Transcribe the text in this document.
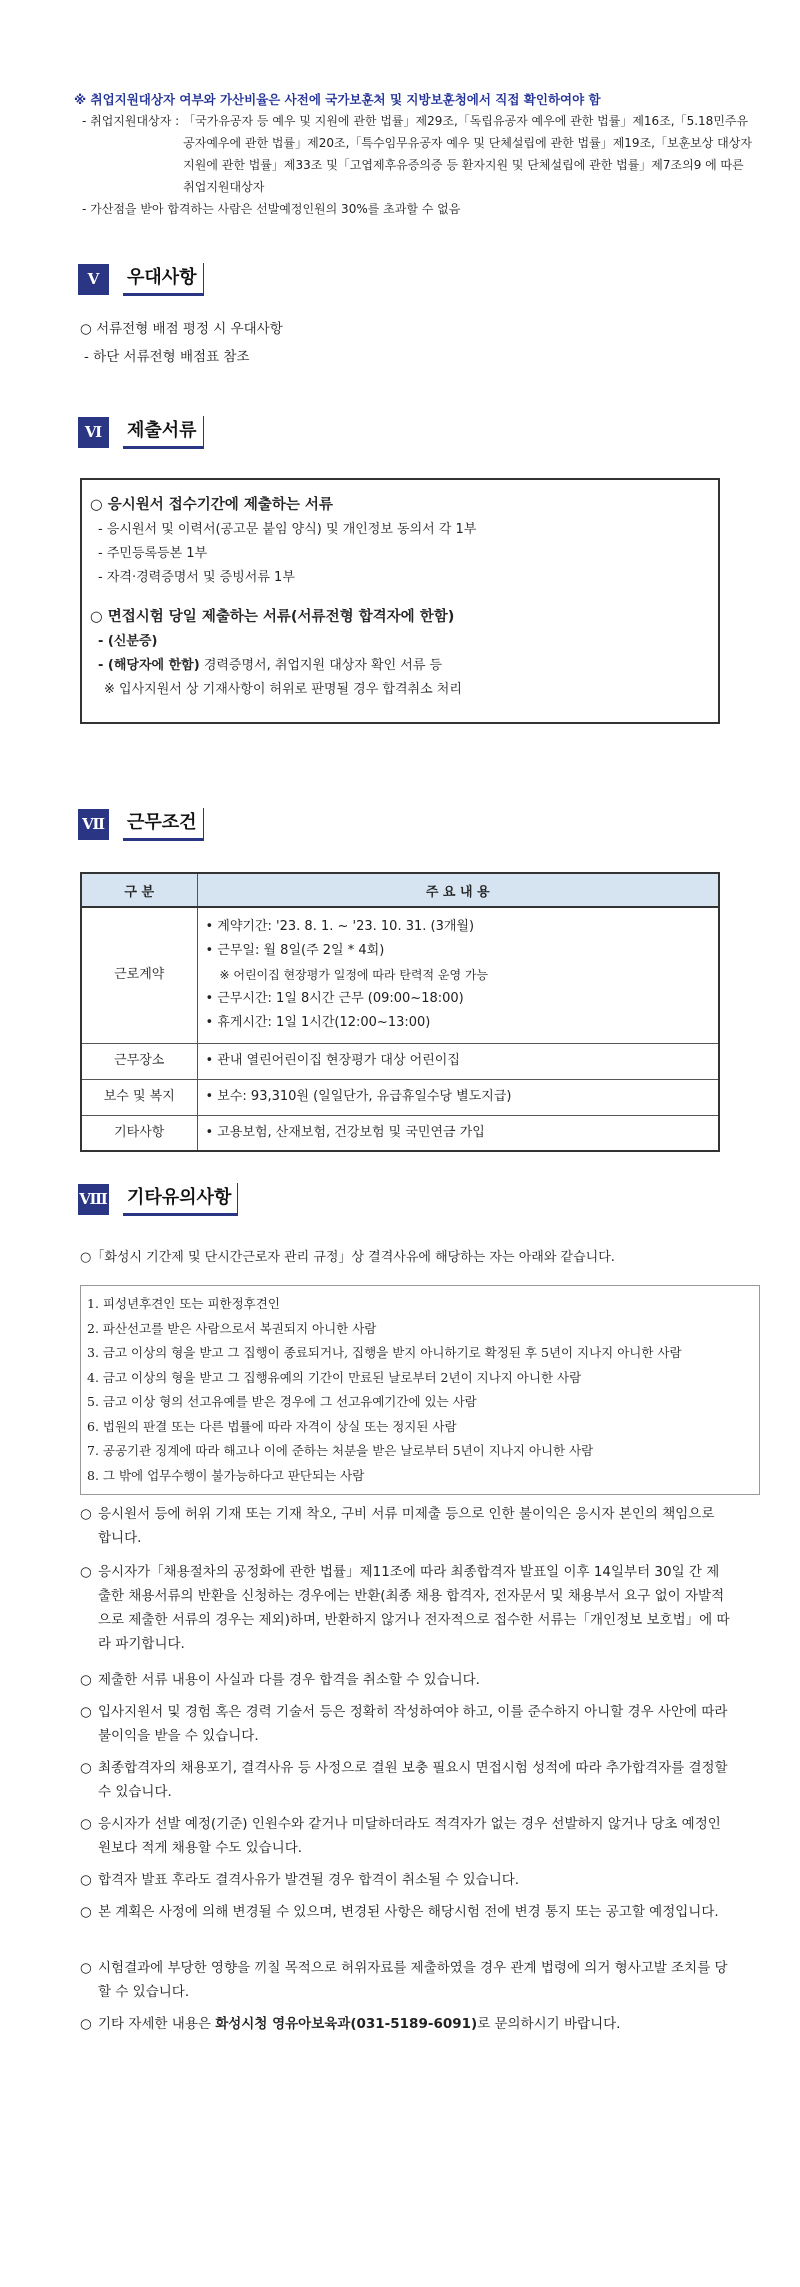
※ 취업지원대상자 여부와 가산비율은 사전에 국가보훈처 및 지방보훈청에서 직접 확인하여야 함
- 취업지원대상자 : 「국가유공자 등 예우 및 지원에 관한 법률」제29조,「독립유공자 예우에 관한 법률」제16조,「5.18민주유공자예우에 관한 법률」제20조,「특수임무유공자 예우 및 단체설립에 관한 법률」제19조,「보훈보상 대상자 지원에 관한 법률」제33조 및「고엽제후유증의증 등 환자지원 및 단체설립에 관한 법률」제7조의9 에 따른 취업지원대상자
- 가산점을 받아 합격하는 사람은 선발예정인원의 30%를 초과할 수 없음
Ⅴ	우대사항
○ 서류전형 배점 평정 시 우대사항
- 하단 서류전형 배점표 참조
Ⅵ	제출서류
○ 응시원서 접수기간에 제출하는 서류
- 응시원서 및 이력서(공고문 붙임 양식) 및 개인정보 동의서 각 1부
- 주민등록등본 1부
- 자격·경력증명서 및 증빙서류 1부
○ 면접시험 당일 제출하는 서류(서류전형 합격자에 한함)
- (신분증)
- (해당자에 한함) 경력증명서, 취업지원 대상자 확인 서류 등
※ 입사지원서 상 기재사항이 허위로 판명될 경우 합격취소 처리
Ⅶ 근무조건
구 분	주 요 내 용
근로계약	• 계약기간: '23. 8. 1. ~ '23. 10. 31. (3개월)
• 근무일: 월 8일(주 2일 * 4회)
※ 어린이집 현장평가 일정에 따라 탄력적 운영 가능
• 근무시간: 1일 8시간 근무 (09:00~18:00)
• 휴게시간: 1일 1시간(12:00~13:00)

근무장소	• 관내 열린어린이집 현장평가 대상 어린이집
보수 및 복지	• 보수: 93,310원 (일일단가, 유급휴일수당 별도지급)
기타사항	• 고용보험, 산재보험, 건강보험 및 국민연금 가입
Ⅷ 기타유의사항
○「화성시 기간제 및 단시간근로자 관리 규정」상 결격사유에 해당하는 자는 아래와 같습니다.
1. 피성년후견인 또는 피한정후견인
2. 파산선고를 받은 사람으로서 복권되지 아니한 사람
3. 금고 이상의 형을 받고 그 집행이 종료되거나, 집행을 받지 아니하기로 확정된 후 5년이 지나지 아니한 사람
4. 금고 이상의 형을 받고 그 집행유예의 기간이 만료된 날로부터 2년이 지나지 아니한 사람
5. 금고 이상 형의 선고유예를 받은 경우에 그 선고유예기간에 있는 사람
6. 법원의 판결 또는 다른 법률에 따라 자격이 상실 또는 정지된 사람
7. 공공기관 징계에 따라 해고나 이에 준하는 처분을 받은 날로부터 5년이 지나지 아니한 사람
8. 그 밖에 업무수행이 불가능하다고 판단되는 사람
○ 응시원서 등에 허위 기재 또는 기재 착오, 구비 서류 미제출 등으로 인한 불이익은 응시자 본인의 책임으로 합니다.
○ 응시자가「채용절차의 공정화에 관한 법률」제11조에 따라 최종합격자 발표일 이후 14일부터 30일 간 제출한 채용서류의 반환을 신청하는 경우에는 반환(최종 채용 합격자, 전자문서 및 채용부서 요구 없이 자발적으로 제출한 서류의 경우는 제외)하며, 반환하지 않거나 전자적으로 접수한 서류는「개인정보 보호법」에 따라 파기합니다.
○ 제출한 서류 내용이 사실과 다를 경우 합격을 취소할 수 있습니다.
○ 입사지원서 및 경험 혹은 경력 기술서 등은 정확히 작성하여야 하고, 이를 준수하지 아니할 경우 사안에 따라 불이익을 받을 수 있습니다.
○ 최종합격자의 채용포기, 결격사유 등 사정으로 결원 보충 필요시 면접시험 성적에 따라 추가합격자를 결정할 수 있습니다.
○ 응시자가 선발 예정(기준) 인원수와 같거나 미달하더라도 적격자가 없는 경우 선발하지 않거나 당초 예정인원보다 적게 채용할 수도 있습니다.
○ 합격자 발표 후라도 결격사유가 발견될 경우 합격이 취소될 수 있습니다.
○ 본 계획은 사정에 의해 변경될 수 있으며, 변경된 사항은 해당시험 전에 변경 통지 또는 공고할 예정입니다.
○ 시험결과에 부당한 영향을 끼칠 목적으로 허위자료를 제출하였을 경우 관계 법령에 의거 형사고발 조치를 당할 수 있습니다.
○ 기타 자세한 내용은 화성시청 영유아보육과(031-5189-6091)로 문의하시기 바랍니다.
